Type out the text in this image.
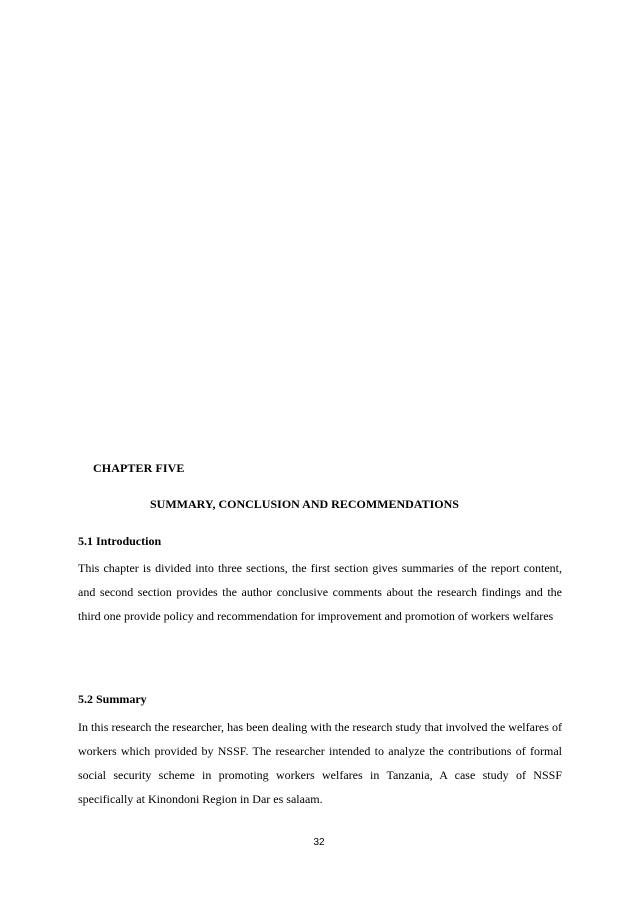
CHAPTER FIVE
SUMMARY, CONCLUSION AND RECOMMENDATIONS
5.1 Introduction

This chapter is divided into three sections, the first section gives summaries of the report content, and second section provides the author conclusive comments about the research findings and the third one provide policy and recommendation for improvement and promotion of workers welfares

5.2 Summary

In this research the researcher, has been dealing with the research study that involved the welfares of workers which provided by NSSF. The researcher intended to analyze the contributions of formal social security scheme in promoting workers welfares in Tanzania, A case study of NSSF specifically at Kinondoni Region in Dar es salaam.

32
